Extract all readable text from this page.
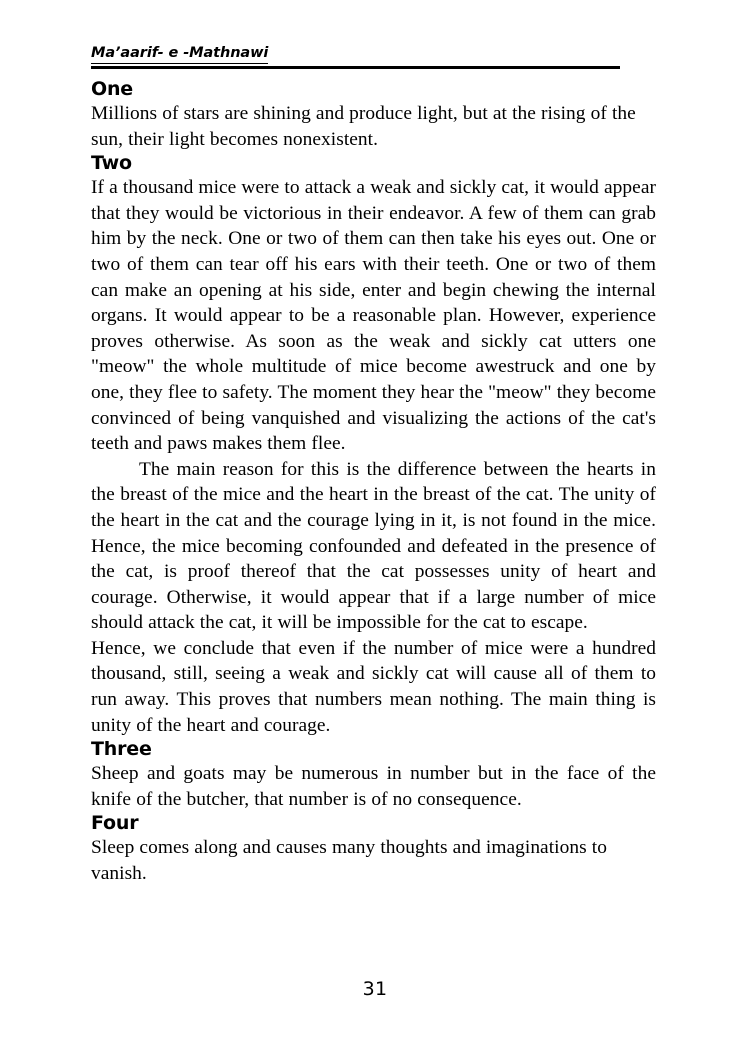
Ma’aarif- e -Mathnawi
One

Millions of stars are shining and produce light, but at the rising of the sun, their light becomes nonexistent.

Two

If a thousand mice were to attack a weak and sickly cat, it would appear that they would be victorious in their endeavor. A few of them can grab him by the neck. One or two of them can then take his eyes out. One or two of them can tear off his ears with their teeth. One or two of them can make an opening at his side, enter and begin chewing the internal organs. It would appear to be a reasonable plan. However, experience proves otherwise. As soon as the weak and sickly cat utters one "meow" the whole multitude of mice become awestruck and one by one, they flee to safety. The moment they hear the "meow" they become convinced of being vanquished and visualizing the actions of the cat's teeth and paws makes them flee.

The main reason for this is the difference between the hearts in the breast of the mice and the heart in the breast of the cat. The unity of the heart in the cat and the courage lying in it, is not found in the mice. Hence, the mice becoming confounded and defeated in the presence of the cat, is proof thereof that the cat possesses unity of heart and courage. Otherwise, it would appear that if a large number of mice should attack the cat, it will be impossible for the cat to escape.

Hence, we conclude that even if the number of mice were a hundred thousand, still, seeing a weak and sickly cat will cause all of them to run away. This proves that numbers mean nothing. The main thing is unity of the heart and courage.

Three

Sheep and goats may be numerous in number but in the face of the knife of the butcher, that number is of no consequence.

Four

Sleep comes along and causes many thoughts and imaginations to vanish.

31
